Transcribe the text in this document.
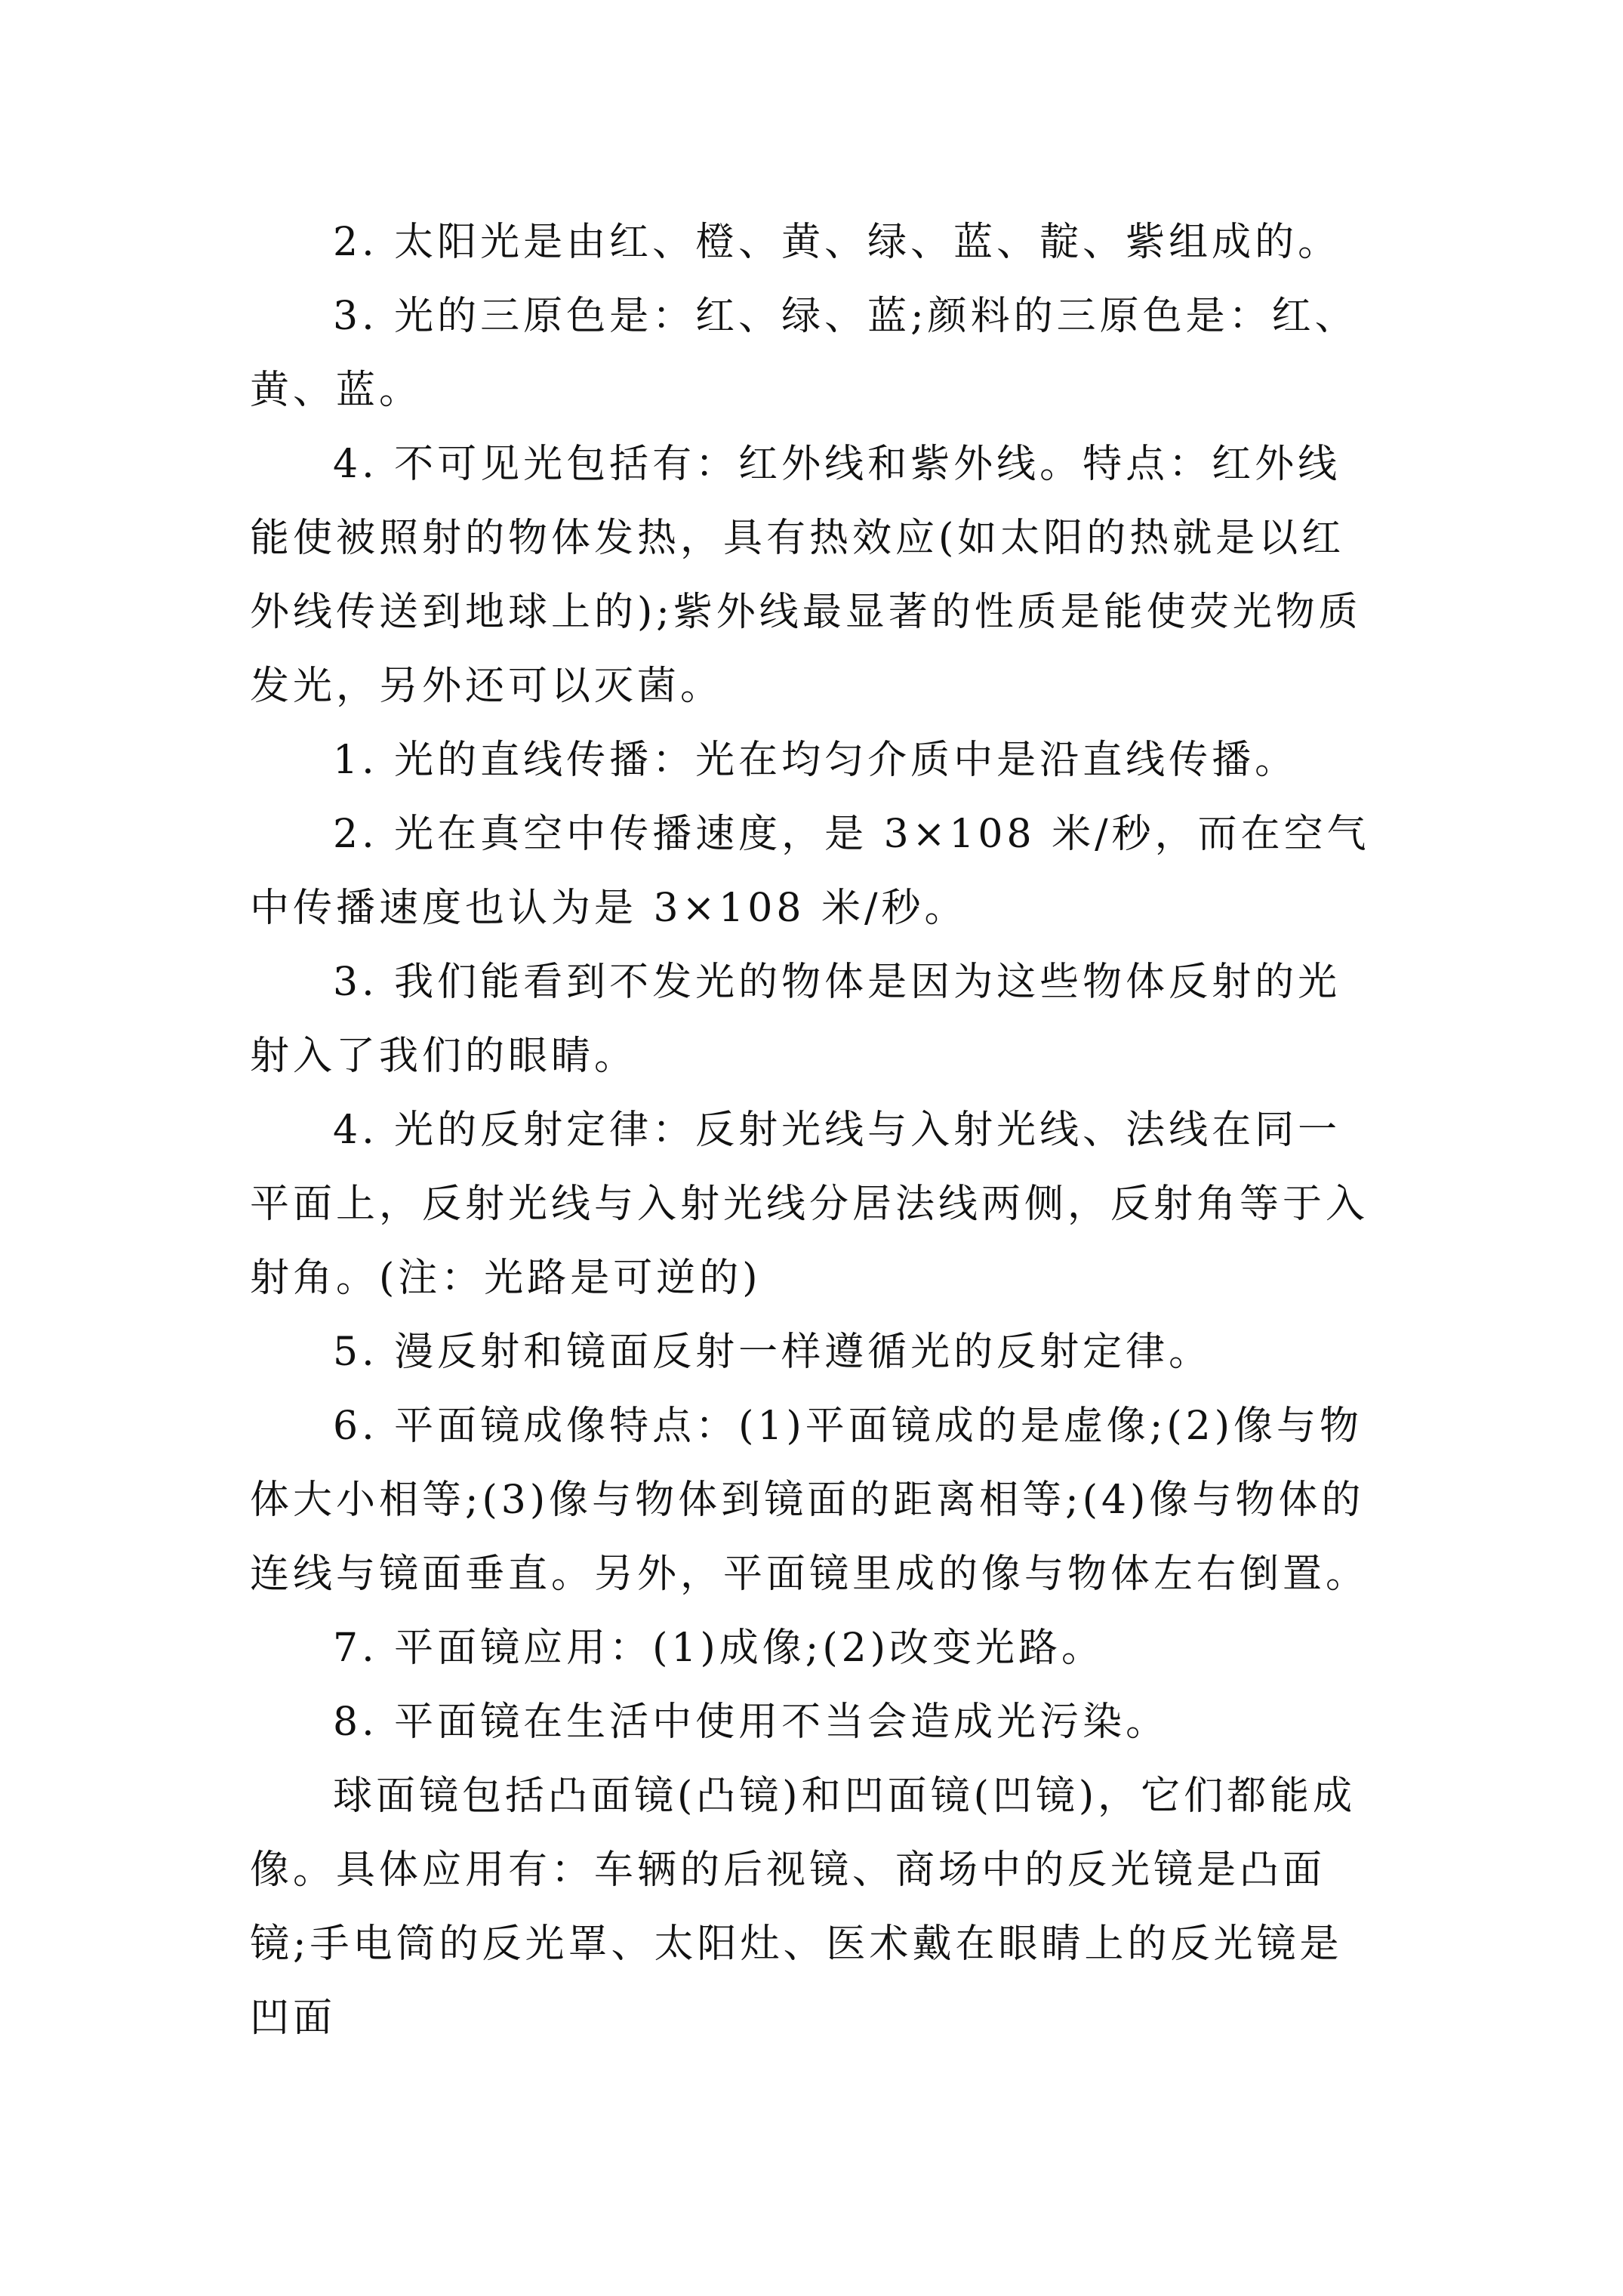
2. 太阳光是由红、橙、黄、绿、蓝、靛、紫组成的。

3. 光的三原色是：红、绿、蓝;颜料的三原色是：红、黄、蓝。

4. 不可见光包括有：红外线和紫外线。特点：红外线能使被照射的物体发热，具有热效应(如太阳的热就是以红外线传送到地球上的);紫外线最显著的性质是能使荧光物质发光，另外还可以灭菌。

1. 光的直线传播：光在均匀介质中是沿直线传播。

2. 光在真空中传播速度，是 3×108 米/秒，而在空气中传播速度也认为是 3×108 米/秒。

3. 我们能看到不发光的物体是因为这些物体反射的光射入了我们的眼睛。

4. 光的反射定律：反射光线与入射光线、法线在同一平面上，反射光线与入射光线分居法线两侧，反射角等于入射角。(注：光路是可逆的)

5. 漫反射和镜面反射一样遵循光的反射定律。

6. 平面镜成像特点：(1)平面镜成的是虚像;(2)像与物体大小相等;(3)像与物体到镜面的距离相等;(4)像与物体的连线与镜面垂直。另外，平面镜里成的像与物体左右倒置。

7. 平面镜应用：(1)成像;(2)改变光路。

8. 平面镜在生活中使用不当会造成光污染。

球面镜包括凸面镜(凸镜)和凹面镜(凹镜)，它们都能成像。具体应用有：车辆的后视镜、商场中的反光镜是凸面镜;手电筒的反光罩、太阳灶、医术戴在眼睛上的反光镜是凹面
